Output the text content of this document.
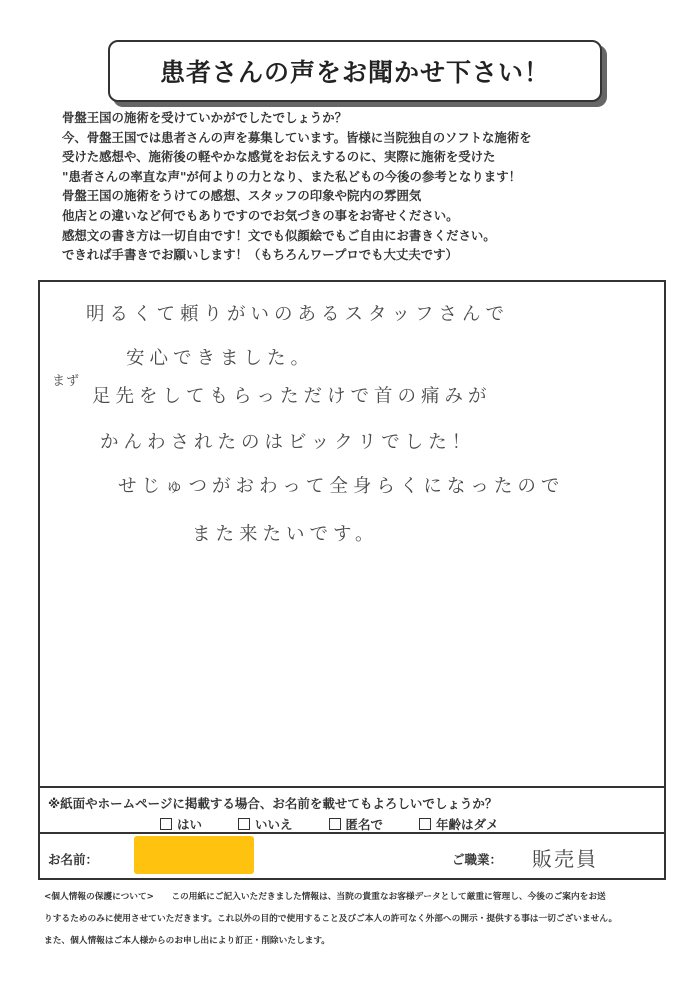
患者さんの声をお聞かせ下さい！
骨盤王国の施術を受けていかがでしたでしょうか？
今、骨盤王国では患者さんの声を募集しています。皆様に当院独自のソフトな施術を
受けた感想や、施術後の軽やかな感覚をお伝えするのに、実際に施術を受けた
"患者さんの率直な声"が何よりの力となり、また私どもの今後の参考となります！
骨盤王国の施術をうけての感想、スタッフの印象や院内の雰囲気
他店との違いなど何でもありですのでお気づきの事をお寄せください。
感想文の書き方は一切自由です！文でも似顔絵でもご自由にお書きください。
できれば手書きでお願いします！（もちろんワープロでも大丈夫です）
明るくて頼りがいのあるスタッフさんで
安心できました。
まず
足先をしてもらっただけで首の痛みが
かんわされたのはビックリでした！
せじゅつがおわって全身らくになったので
また来たいです。
※紙面やホームページに掲載する場合、お名前を載せてもよろしいでしょうか？
はい	いいえ	匿名で	年齢はダメ
お名前：	ご職業： 販売員
<個人情報の保護について>　　この用紙にご記入いただきました情報は、当院の貴重なお客様データとして厳重に管理し、今後のご案内をお送
りするためのみに使用させていただきます。これ以外の目的で使用すること及びご本人の許可なく外部への開示・提供する事は一切ございません。
また、個人情報はご本人様からのお申し出により訂正・削除いたします。
